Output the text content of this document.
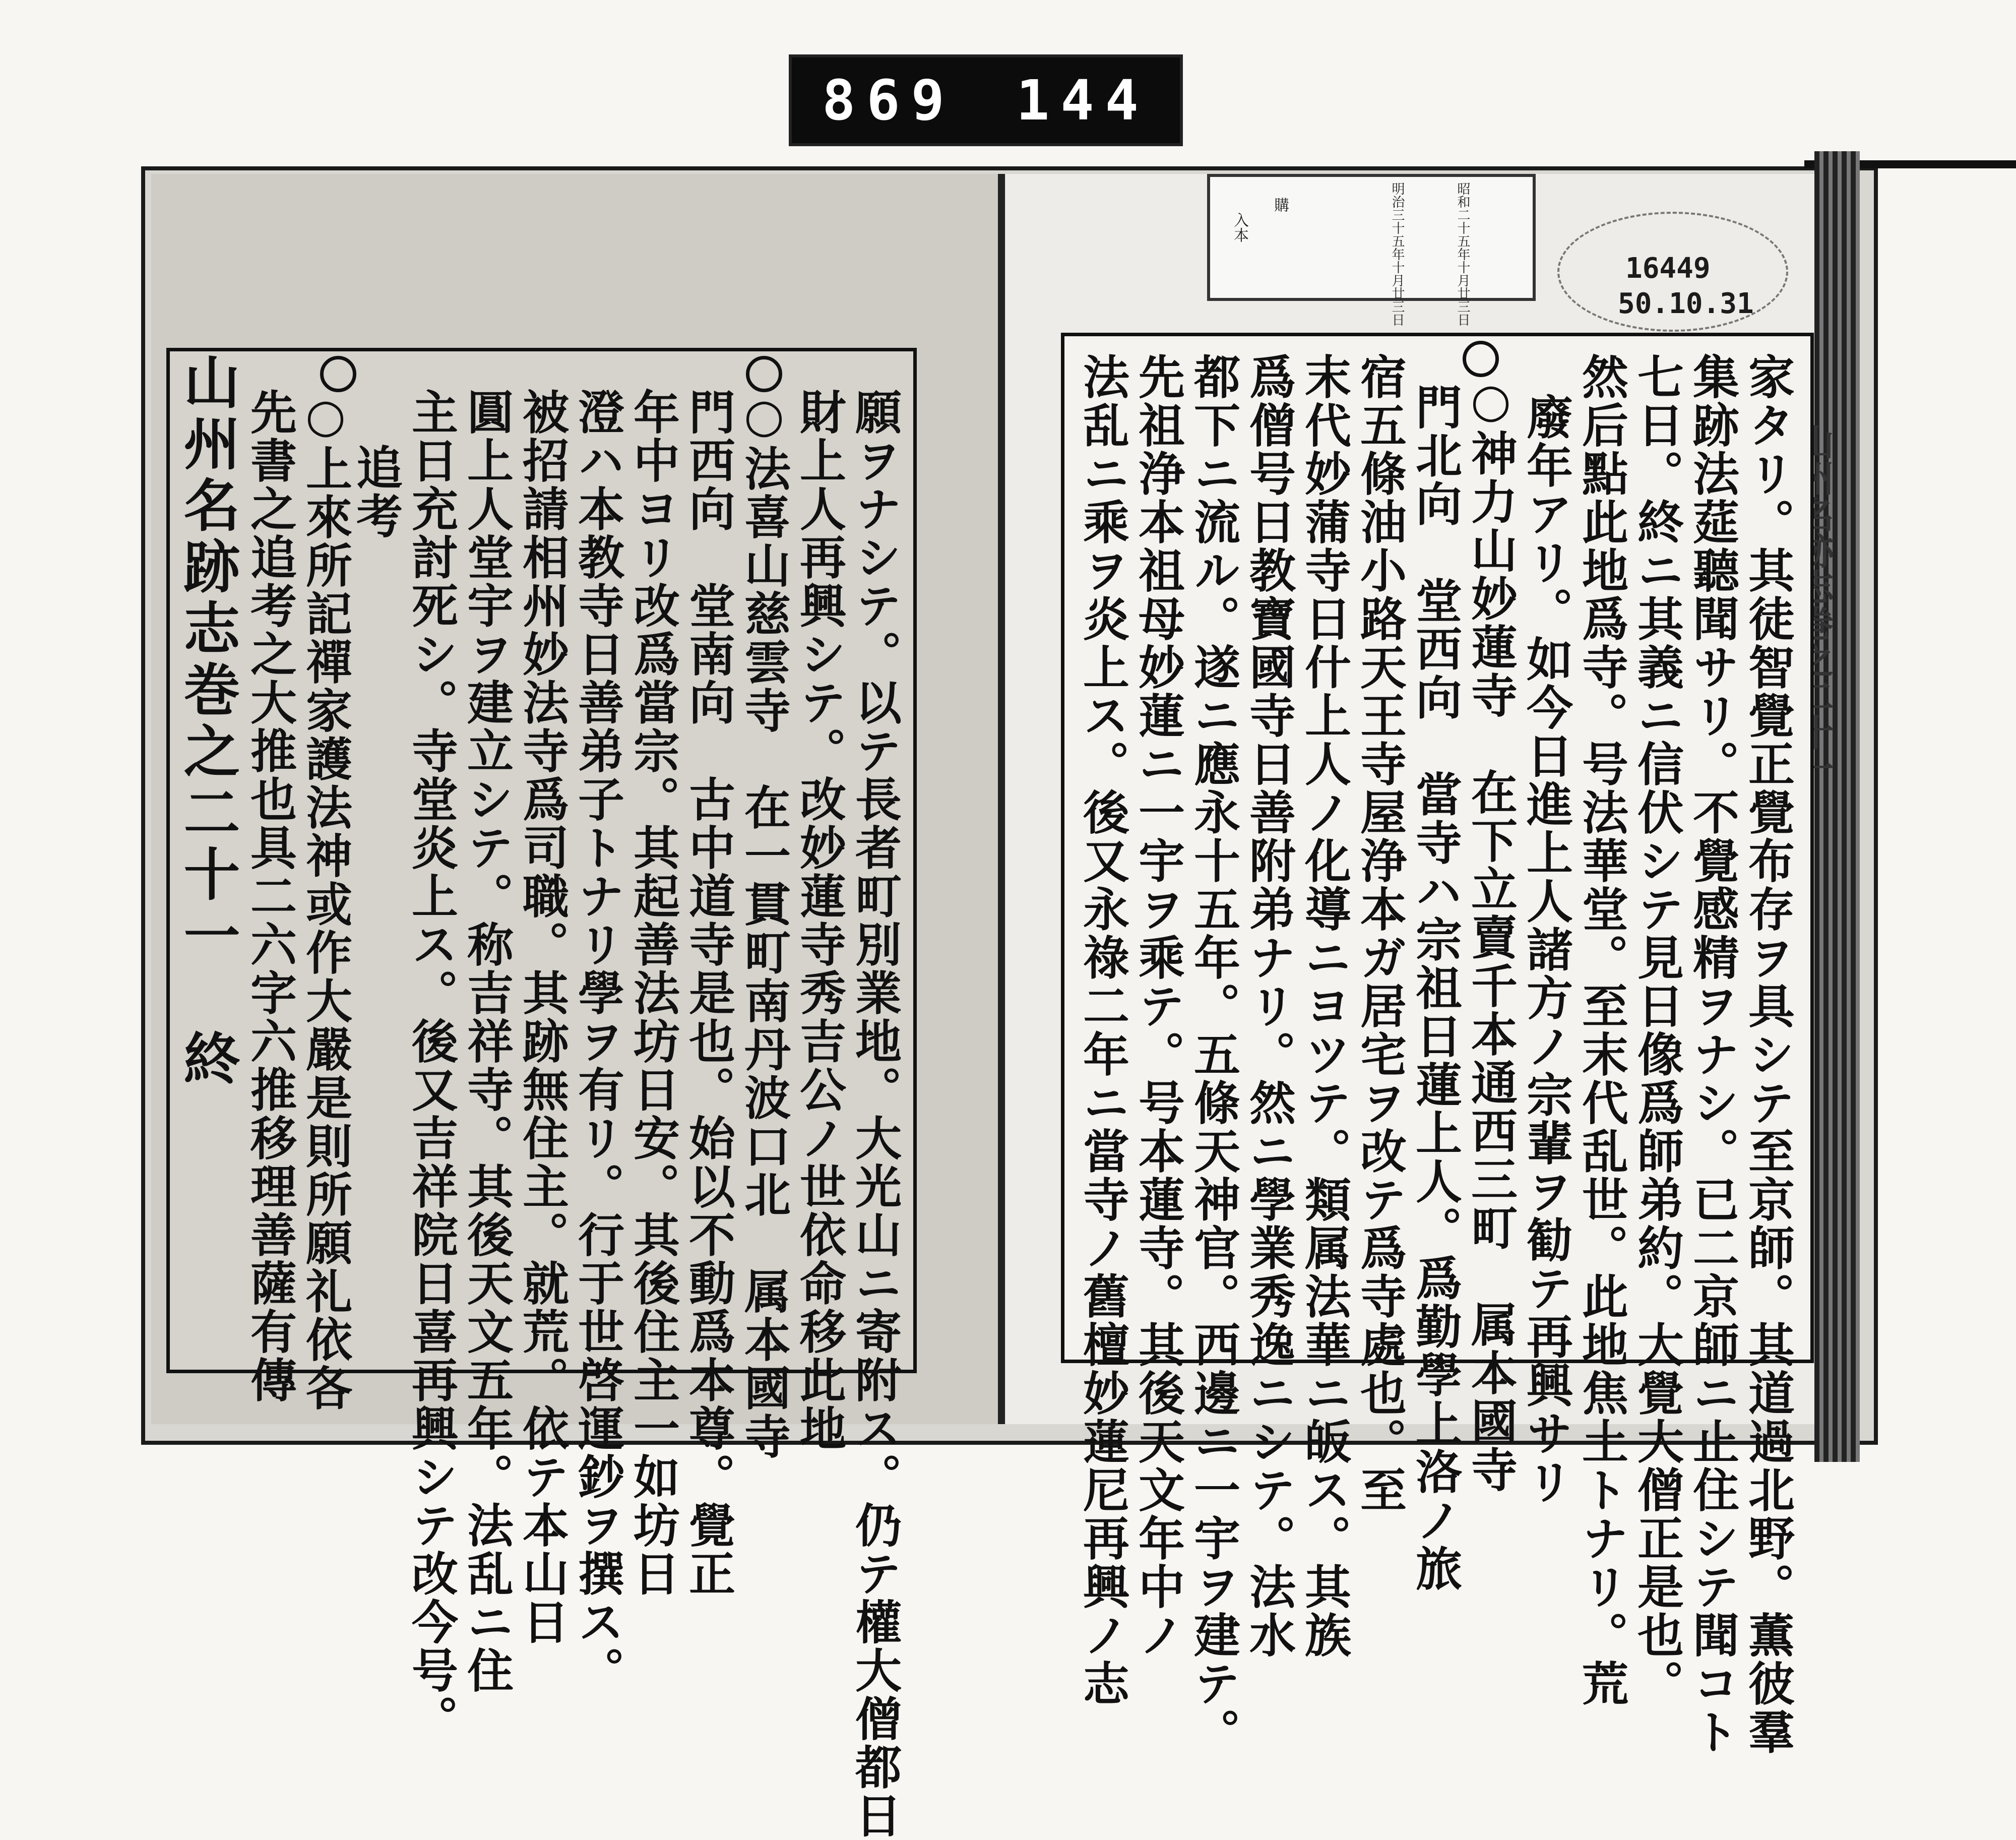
869 144
入本
購	昭和二十五年十月廿三日
明治三十五年十月廿三日	16449
50.10.31
家タリ。其徒智覺正覺布存ヲ具シテ至京師。其道過北野。薫彼羣
集跡法莚聽聞サリ。不覺感精ヲナシ。已二京師ニ止住シテ聞コト
七日。終ニ其義ニ信伏シテ見日像爲師弟約。大覺大僧正是也。
然后點此地爲寺。号法華堂。至末代乱世。此地焦土トナリ。荒
廢年アリ。如今日進上人諸方ノ宗輩ヲ勧テ再興サリ
○神力山妙蓮寺　在下立賣千本通西三町　属本國寺
門北向　堂西向　當寺ハ宗祖日蓮上人。爲勤學上洛ノ旅
宿五條油小路天王寺屋浄本ガ居宅ヲ改テ爲寺處也。至
末代妙蒲寺日什上人ノ化導ニヨツテ。類属法華ニ皈ス。其族
爲僧号日教寶國寺日善附弟ナリ。然ニ學業秀逸ニシテ。法水
都下ニ流ル。遂ニ應永十五年。五條天神官。西邊ニ一宇ヲ建テ。
先祖浄本祖母妙蓮ニ一宇ヲ乘テ。号本蓮寺。其後天文年中ノ
法乱ニ乘ヲ炎上ス。後又永祿二年ニ當寺ノ舊檀妙蓮尼再興ノ志
願ヲナシテ。以テ長者町別業地。大光山ニ寄附ス。仍テ權大僧都日
財上人再興シテ。改妙蓮寺秀吉公ノ世依命移此地
○法喜山慈雲寺　在一貫町南丹波口北　属本國寺
門西向　堂南向　古中道寺是也。始以不動爲本尊。覺正
年中ヨリ改爲當宗。其起善法坊日安。其後住主一如坊日
澄ハ本教寺日善弟子トナリ學ヲ有リ。行于世啓運鈔ヲ撰ス。
被招請相州妙法寺爲司職。其跡無住主。就荒。依テ本山日
圓上人堂宇ヲ建立シテ。称吉祥寺。其後天文五年。法乱ニ住
主日充討死シ。寺堂炎上ス。後又吉祥院日喜再興シテ改今号。
追考
○上來所記禪家護法神或作大嚴是則所願礼依各
先書之追考之大推也具二六字六推移理善薩有傳
山州名跡志巻之二十一　終
